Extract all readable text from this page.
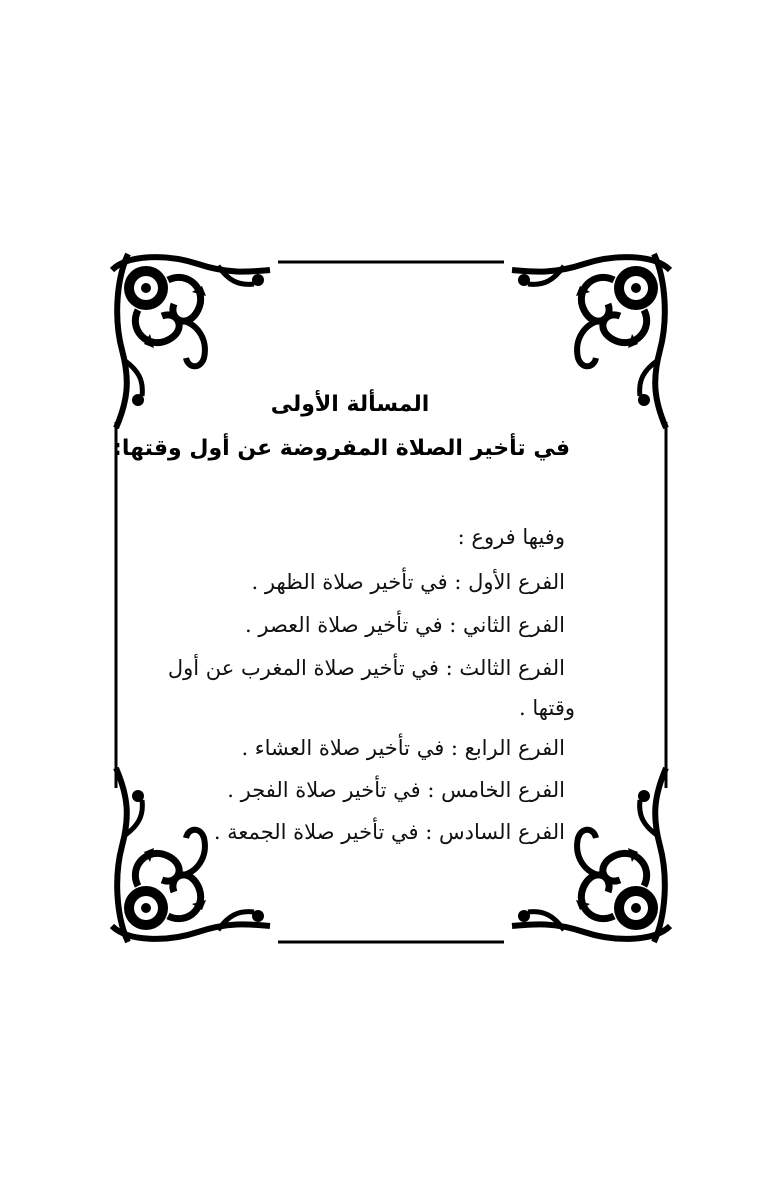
المسألة الأولى
في تأخير الصلاة المفروضة عن أول وقتها:
وفيها فروع :
الفرع الأول : في تأخير صلاة الظهر .
الفرع الثاني : في تأخير صلاة العصر .
الفرع الثالث : في تأخير صلاة المغرب عن أول
وقتها .
الفرع الرابع : في تأخير صلاة العشاء .
الفرع الخامس : في تأخير صلاة الفجر .
الفرع السادس : في تأخير صلاة الجمعة .
